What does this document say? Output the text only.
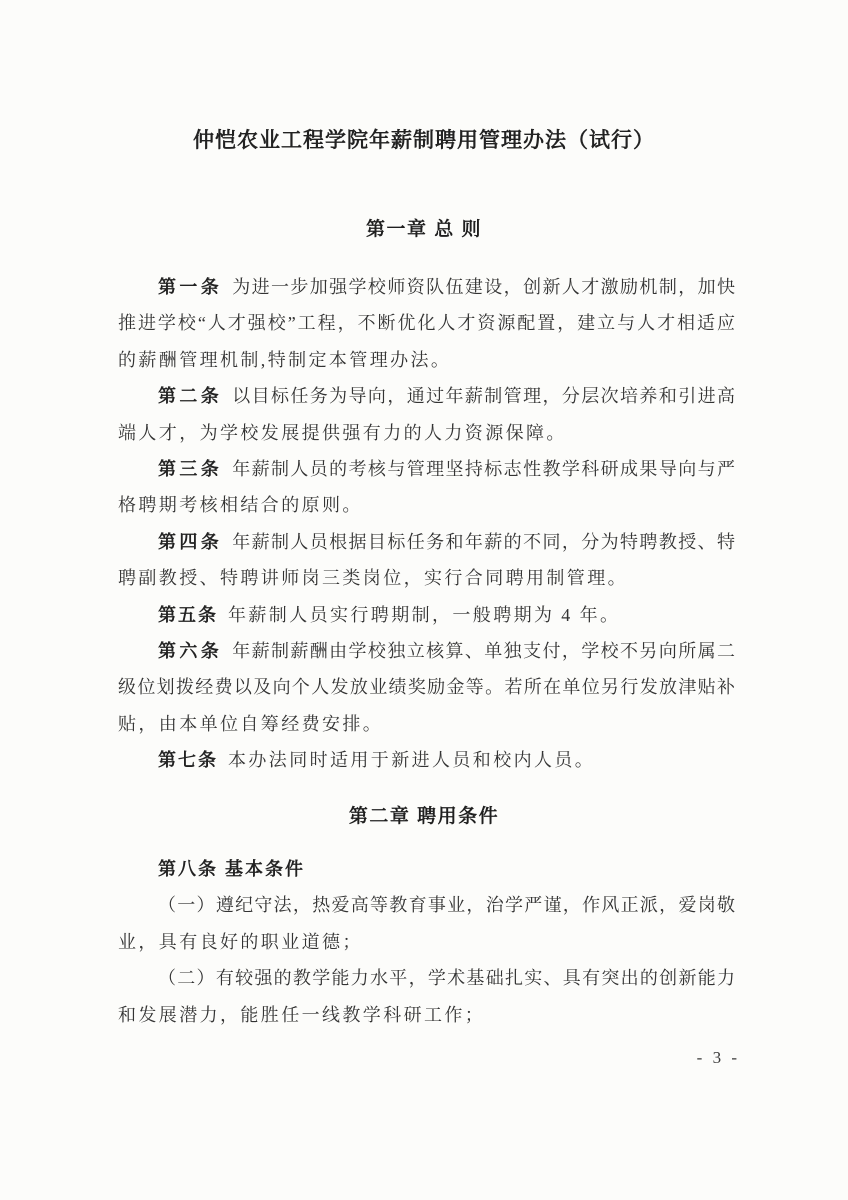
仲恺农业工程学院年薪制聘用管理办法（试行）
第一章 总 则
第一条 为进一步加强学校师资队伍建设，创新人才激励机制，加快
推进学校“人才强校”工程，不断优化人才资源配置，建立与人才相适应
的薪酬管理机制,特制定本管理办法。
第二条 以目标任务为导向，通过年薪制管理，分层次培养和引进高
端人才，为学校发展提供强有力的人力资源保障。
第三条 年薪制人员的考核与管理坚持标志性教学科研成果导向与严
格聘期考核相结合的原则。
第四条 年薪制人员根据目标任务和年薪的不同，分为特聘教授、特
聘副教授、特聘讲师岗三类岗位，实行合同聘用制管理。
第五条 年薪制人员实行聘期制，一般聘期为 4 年。
第六条 年薪制薪酬由学校独立核算、单独支付，学校不另向所属二
级位划拨经费以及向个人发放业绩奖励金等。若所在单位另行发放津贴补
贴，由本单位自筹经费安排。
第七条 本办法同时适用于新进人员和校内人员。
第二章 聘用条件
第八条 基本条件
（一）遵纪守法，热爱高等教育事业，治学严谨，作风正派，爱岗敬
业，具有良好的职业道德；
（二）有较强的教学能力水平，学术基础扎实、具有突出的创新能力
和发展潜力，能胜任一线教学科研工作；
- 3 -
